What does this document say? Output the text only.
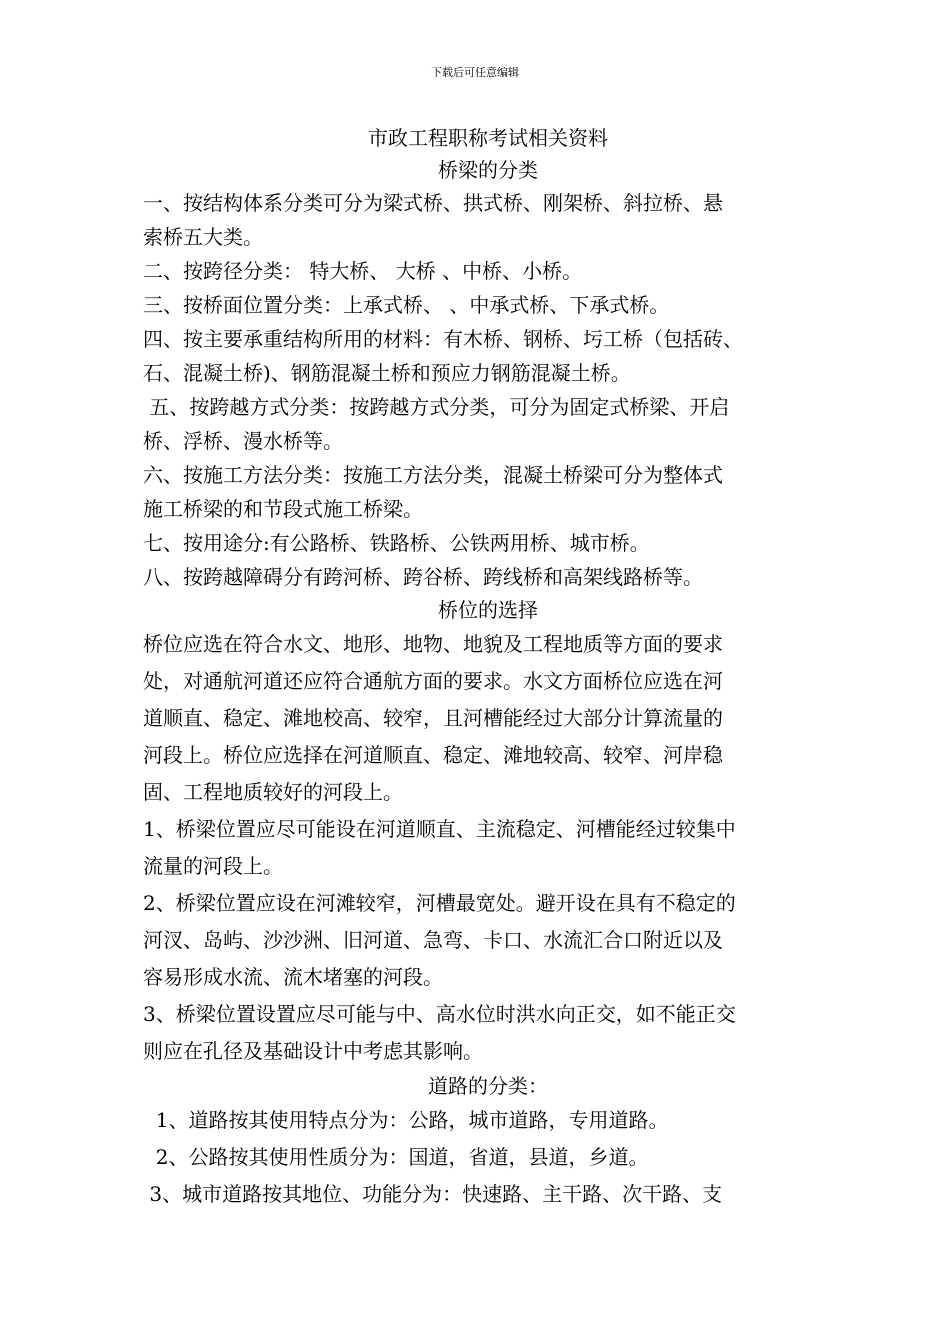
下载后可任意编辑
市政工程职称考试相关资料
桥梁的分类

一、按结构体系分类可分为梁式桥、拱式桥、刚架桥、斜拉桥、悬

索桥五大类。

二、按跨径分类： 特大桥、 大桥 、中桥、小桥。

三、按桥面位置分类：上承式桥、 、中承式桥、下承式桥。

四、按主要承重结构所用的材料：有木桥、钢桥、圬工桥（包括砖、

石、混凝土桥)、钢筋混凝土桥和预应力钢筋混凝土桥。

五、按跨越方式分类：按跨越方式分类，可分为固定式桥梁、开启

桥、浮桥、漫水桥等。

六、按施工方法分类：按施工方法分类，混凝土桥梁可分为整体式

施工桥梁的和节段式施工桥梁。

七、按用途分:有公路桥、铁路桥、公铁两用桥、城市桥。

八、按跨越障碍分有跨河桥、跨谷桥、跨线桥和高架线路桥等。

桥位的选择

桥位应选在符合水文、地形、地物、地貌及工程地质等方面的要求

处，对通航河道还应符合通航方面的要求。水文方面桥位应选在河

道顺直、稳定、滩地校高、较窄，且河槽能经过大部分计算流量的

河段上。桥位应选择在河道顺直、稳定、滩地较高、较窄、河岸稳

固、工程地质较好的河段上。

1、桥梁位置应尽可能设在河道顺直、主流稳定、河槽能经过较集中

流量的河段上。

2、桥梁位置应设在河滩较窄，河槽最宽处。避开设在具有不稳定的

河汊、岛屿、沙沙洲、旧河道、急弯、卡口、水流汇合口附近以及

容易形成水流、流木堵塞的河段。

3、桥梁位置设置应尽可能与中、高水位时洪水向正交，如不能正交

则应在孔径及基础设计中考虑其影响。

道路的分类：

1、道路按其使用特点分为：公路，城市道路，专用道路。

2、公路按其使用性质分为：国道，省道，县道，乡道。

3、城市道路按其地位、功能分为：快速路、主干路、次干路、支
